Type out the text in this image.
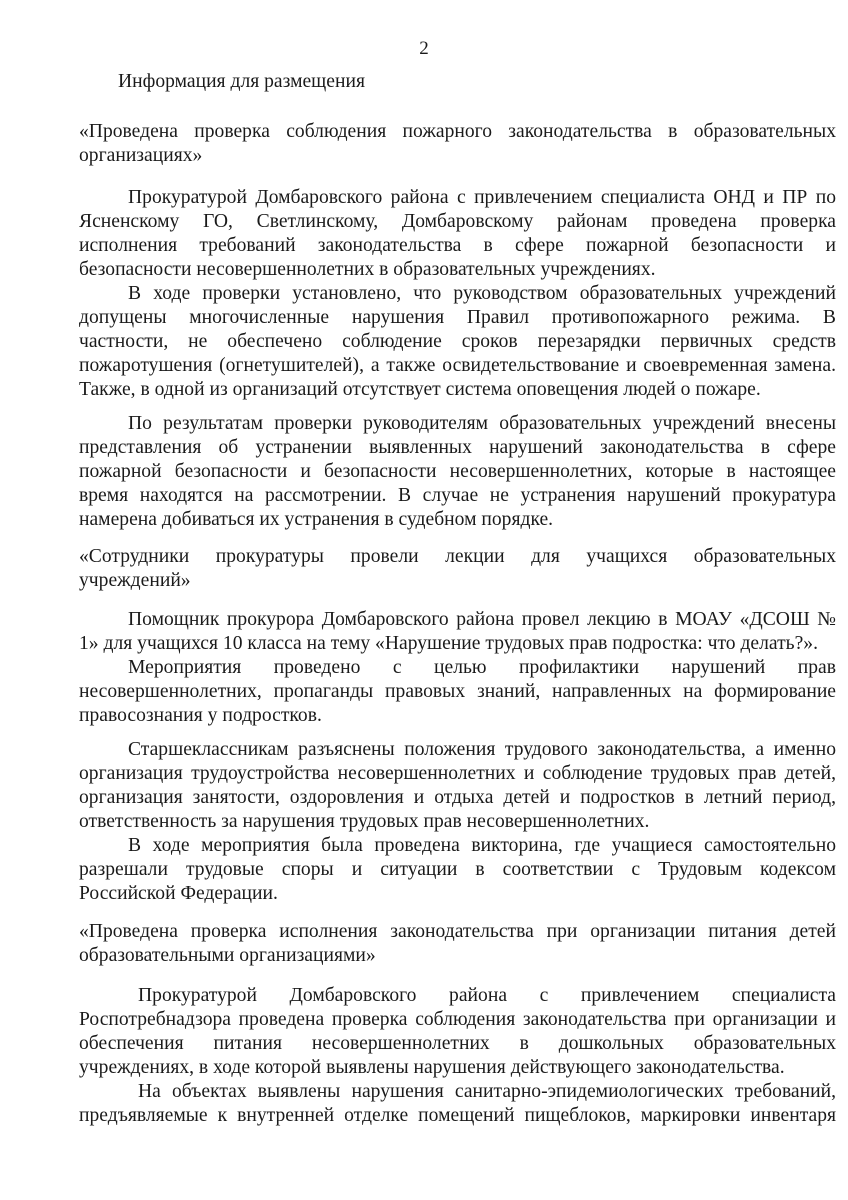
2

Информация для размещения

«Проведена проверка соблюдения пожарного законодательства в образовательных

организациях»

Прокуратурой Домбаровского района с привлечением специалиста ОНД и ПР по

Ясненскому ГО, Светлинскому, Домбаровскому районам проведена проверка

исполнения требований законодательства в сфере пожарной безопасности и

безопасности несовершеннолетних в образовательных учреждениях.

В ходе проверки установлено, что руководством образовательных учреждений

допущены многочисленные нарушения Правил противопожарного режима. В

частности, не обеспечено соблюдение сроков перезарядки первичных средств

пожаротушения (огнетушителей), а также освидетельствование и своевременная замена.

Также, в одной из организаций отсутствует система оповещения людей о пожаре.

По результатам проверки руководителям образовательных учреждений внесены

представления об устранении выявленных нарушений законодательства в сфере

пожарной безопасности и безопасности несовершеннолетних, которые в настоящее

время находятся на рассмотрении. В случае не устранения нарушений прокуратура

намерена добиваться их устранения в судебном порядке.

«Сотрудники прокуратуры провели лекции для учащихся образовательных

учреждений»

Помощник прокурора Домбаровского района провел лекцию в МОАУ «ДСОШ №

1» для учащихся 10 класса на тему «Нарушение трудовых прав подростка: что делать?».

Мероприятия проведено с целью профилактики нарушений прав

несовершеннолетних, пропаганды правовых знаний, направленных на формирование

правосознания у подростков.

Старшеклассникам разъяснены положения трудового законодательства, а именно

организация трудоустройства несовершеннолетних и соблюдение трудовых прав детей,

организация занятости, оздоровления и отдыха детей и подростков в летний период,

ответственность за нарушения трудовых прав несовершеннолетних.

В ходе мероприятия была проведена викторина, где учащиеся самостоятельно

разрешали трудовые споры и ситуации в соответствии с Трудовым кодексом

Российской Федерации.

«Проведена проверка исполнения законодательства при организации питания детей

образовательными организациями»

Прокуратурой Домбаровского района с привлечением специалиста

Роспотребнадзора проведена проверка соблюдения законодательства при организации и

обеспечения питания несовершеннолетних в дошкольных образовательных

учреждениях, в ходе которой выявлены нарушения действующего законодательства.

На объектах выявлены нарушения санитарно-эпидемиологических требований,

предъявляемые к внутренней отделке помещений пищеблоков, маркировки инвентаря
